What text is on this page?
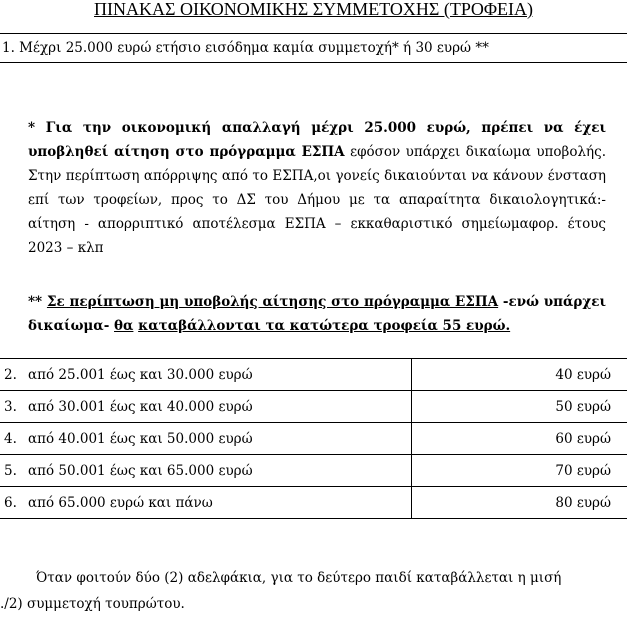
ΠΙΝΑΚΑΣ ΟΙΚΟΝΟΜΙΚΗΣ ΣΥΜΜΕΤΟΧΗΣ (ΤΡΟΦΕΙΑ)
1. Μέχρι 25.000 ευρώ ετήσιο εισόδημα καμία συμμετοχή* ή 30 ευρώ **
* Για την οικονομική απαλλαγή μέχρι 25.000 ευρώ, πρέπει να έχει υποβληθεί αίτηση στο πρόγραμμα ΕΣΠΑ εφόσον υπάρχει δικαίωμα υποβολής. Στην περίπτωση απόρριψης από το ΕΣΠΑ,οι γονείς δικαιούνται να κάνουν ένσταση επί των τροφείων, προς το ΔΣ του Δήμου με τα απαραίτητα δικαιολογητικά:- αίτηση - απορριπτικό αποτέλεσμα ΕΣΠΑ – εκκαθαριστικό σημείωμαφορ. έτους 2023 – κλπ
** Σε περίπτωση μη υποβολής αίτησης στο πρόγραμμα ΕΣΠΑ -ενώ υπάρχει δικαίωμα- θα καταβάλλονται τα κατώτερα τροφεία 55 ευρώ.
2. από 25.001 έως και 30.000 ευρώ	40 ευρώ
3. από 30.001 έως και 40.000 ευρώ	50 ευρώ
4. από 40.001 έως και 50.000 ευρώ	60 ευρώ
5. από 50.001 έως και 65.000 ευρώ	70 ευρώ
6. από 65.000 ευρώ και πάνω	80 ευρώ
Όταν φοιτούν δύο (2) αδελφάκια, για το δεύτερο παιδί καταβάλλεται η μισή
./2) συμμετοχή τουπρώτου.
